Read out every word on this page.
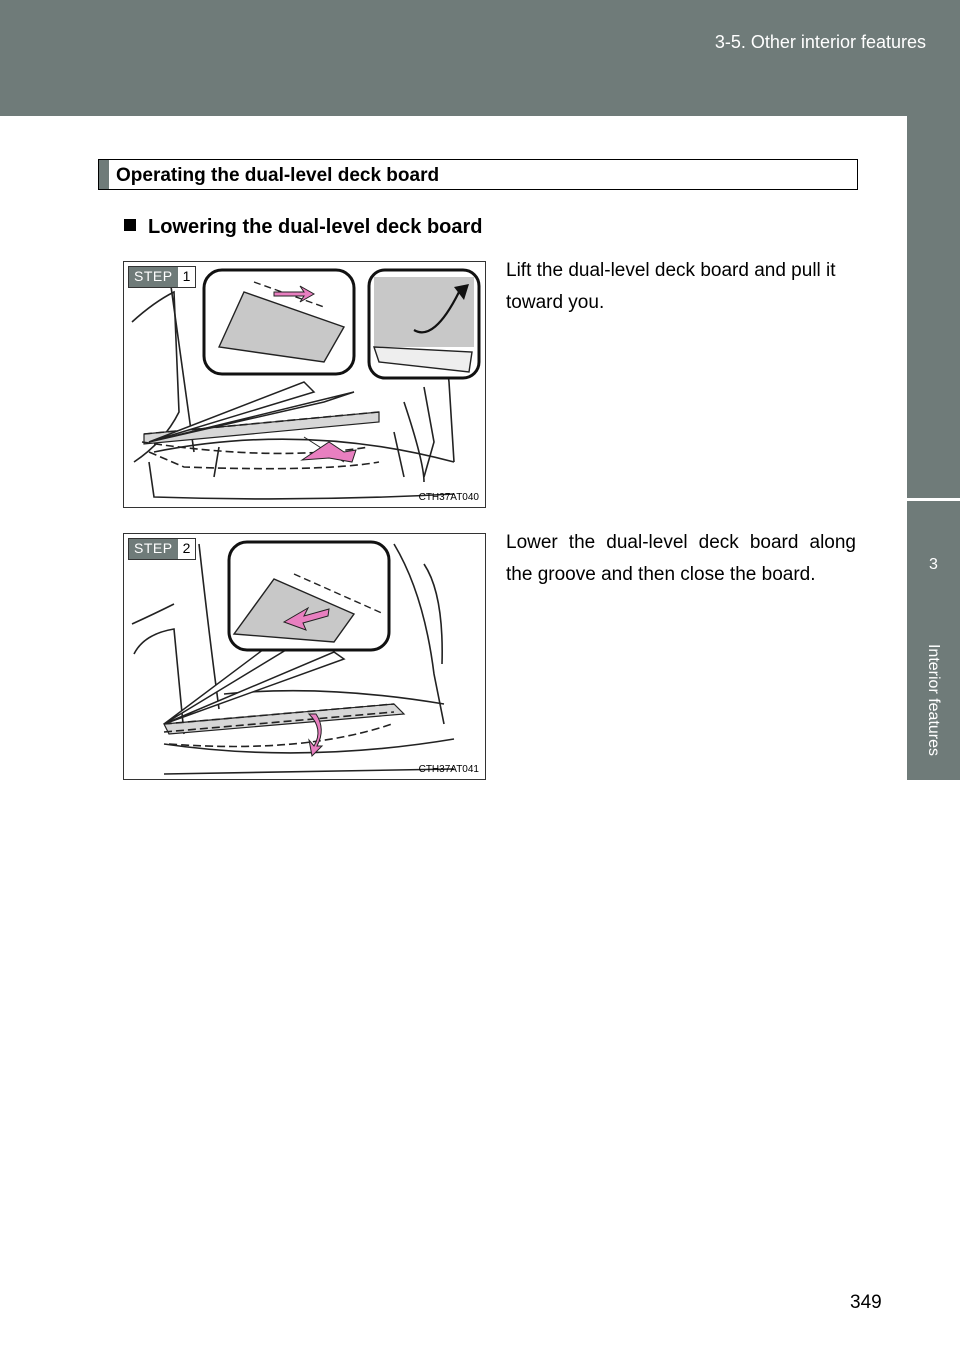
3-5. Other interior features
3
Interior features
Operating the dual-level deck board
Lowering the dual-level deck board
STEP 1
CTH37AT040
Lift the dual-level deck board and pull it toward you.
STEP 2
CTH37AT041
Lower the dual-level deck board along the groove and then close the board.
349
